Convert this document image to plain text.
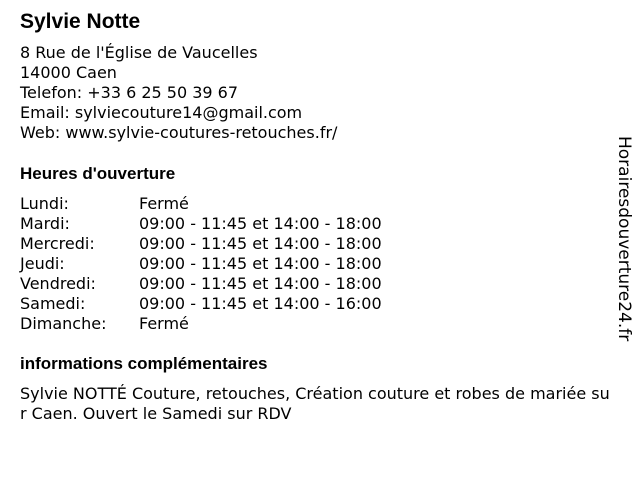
Sylvie Notte
8 Rue de l'Église de Vaucelles
14000 Caen
Telefon: +33 6 25 50 39 67
Email: sylviecouture14@gmail.com
Web: www.sylvie-coutures-retouches.fr/
Heures d'ouverture
Lundi:	Fermé
Mardi:	09:00 - 11:45 et 14:00 - 18:00
Mercredi:	09:00 - 11:45 et 14:00 - 18:00
Jeudi:	09:00 - 11:45 et 14:00 - 18:00
Vendredi:	09:00 - 11:45 et 14:00 - 18:00
Samedi:	09:00 - 11:45 et 14:00 - 16:00
Dimanche: Fermé
informations complémentaires
Sylvie NOTTÉ Couture, retouches, Création couture et robes de mariée sur Caen. Ouvert le Samedi sur RDV
Horairesdouverture24.fr
